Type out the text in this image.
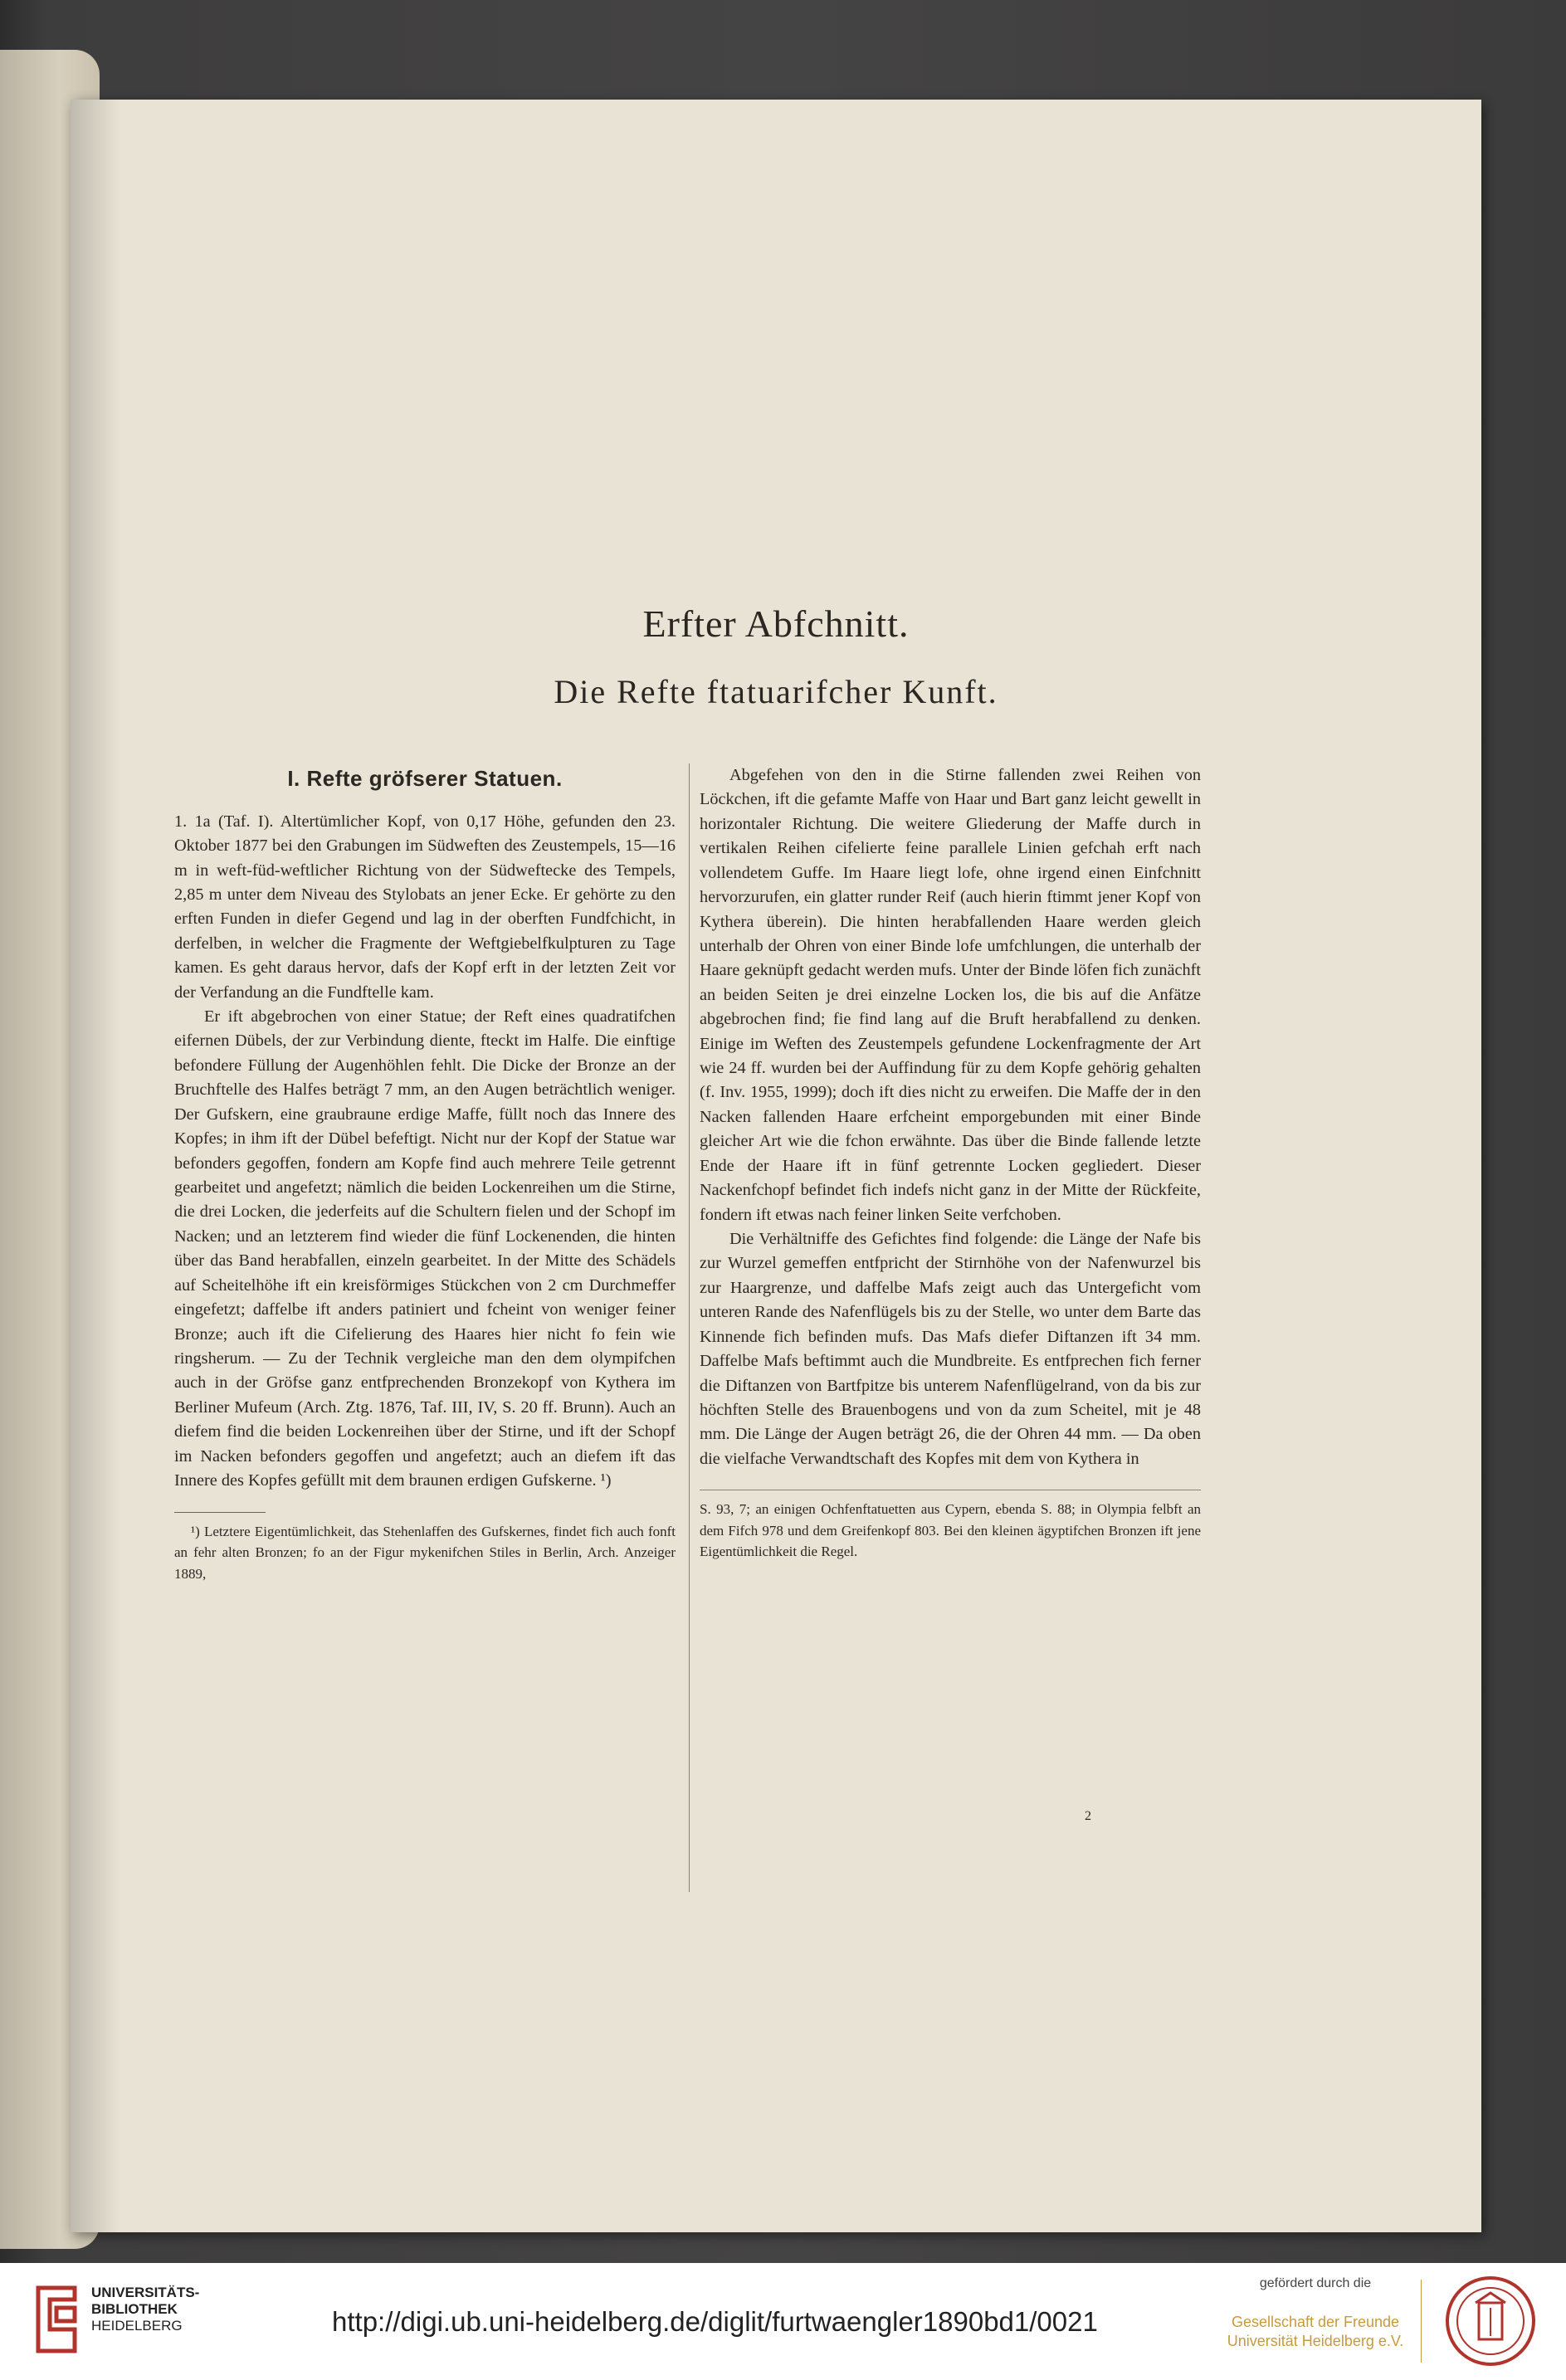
Erfter Abfchnitt.
Die Refte ftatuarifcher Kunft.
I. Refte gröfserer Statuen.

1. 1a (Taf. I). Altertümlicher Kopf, von 0,17 Höhe, gefunden den 23. Oktober 1877 bei den Grabungen im Südweften des Zeustempels, 15—16 m in weft-füd-weftlicher Richtung von der Südweftecke des Tempels, 2,85 m unter dem Niveau des Stylobats an jener Ecke. Er gehörte zu den erften Funden in diefer Gegend und lag in der oberften Fundfchicht, in derfelben, in welcher die Fragmente der Weftgiebelfkulpturen zu Tage kamen. Es geht daraus hervor, dafs der Kopf erft in der letzten Zeit vor der Verfandung an die Fundftelle kam.

Er ift abgebrochen von einer Statue; der Reft eines quadratifchen eifernen Dübels, der zur Verbindung diente, fteckt im Halfe. Die einftige befondere Füllung der Augenhöhlen fehlt. Die Dicke der Bronze an der Bruchftelle des Halfes beträgt 7 mm, an den Augen beträchtlich weniger. Der Gufskern, eine graubraune erdige Maffe, füllt noch das Innere des Kopfes; in ihm ift der Dübel befeftigt. Nicht nur der Kopf der Statue war befonders gegoffen, fondern am Kopfe find auch mehrere Teile getrennt gearbeitet und angefetzt; nämlich die beiden Lockenreihen um die Stirne, die drei Locken, die jederfeits auf die Schultern fielen und der Schopf im Nacken; und an letzterem find wieder die fünf Lockenenden, die hinten über das Band herabfallen, einzeln gearbeitet. In der Mitte des Schädels auf Scheitelhöhe ift ein kreisförmiges Stückchen von 2 cm Durchmeffer eingefetzt; daffelbe ift anders patiniert und fcheint von weniger feiner Bronze; auch ift die Cifelierung des Haares hier nicht fo fein wie ringsherum. — Zu der Technik vergleiche man den dem olympifchen auch in der Gröfse ganz entfprechenden Bronzekopf von Kythera im Berliner Mufeum (Arch. Ztg. 1876, Taf. III, IV, S. 20 ff. Brunn). Auch an diefem find die beiden Lockenreihen über der Stirne, und ift der Schopf im Nacken befonders gegoffen und angefetzt; auch an diefem ift das Innere des Kopfes gefüllt mit dem braunen erdigen Gufskerne. ¹)

¹) Letztere Eigentümlichkeit, das Stehenlaffen des Gufskernes, findet fich auch fonft an fehr alten Bronzen; fo an der Figur mykenifchen Stiles in Berlin, Arch. Anzeiger 1889,

Abgefehen von den in die Stirne fallenden zwei Reihen von Löckchen, ift die gefamte Maffe von Haar und Bart ganz leicht gewellt in horizontaler Richtung. Die weitere Gliederung der Maffe durch in vertikalen Reihen cifelierte feine parallele Linien gefchah erft nach vollendetem Guffe. Im Haare liegt lofe, ohne irgend einen Einfchnitt hervorzurufen, ein glatter runder Reif (auch hierin ftimmt jener Kopf von Kythera überein). Die hinten herabfallenden Haare werden gleich unterhalb der Ohren von einer Binde lofe umfchlungen, die unterhalb der Haare geknüpft gedacht werden mufs. Unter der Binde löfen fich zunächft an beiden Seiten je drei einzelne Locken los, die bis auf die Anfätze abgebrochen find; fie find lang auf die Bruft herabfallend zu denken. Einige im Weften des Zeustempels gefundene Lockenfragmente der Art wie 24 ff. wurden bei der Auffindung für zu dem Kopfe gehörig gehalten (f. Inv. 1955, 1999); doch ift dies nicht zu erweifen. Die Maffe der in den Nacken fallenden Haare erfcheint emporgebunden mit einer Binde gleicher Art wie die fchon erwähnte. Das über die Binde fallende letzte Ende der Haare ift in fünf getrennte Locken gegliedert. Dieser Nackenfchopf befindet fich indefs nicht ganz in der Mitte der Rückfeite, fondern ift etwas nach feiner linken Seite verfchoben.

Die Verhältniffe des Gefichtes find folgende: die Länge der Nafe bis zur Wurzel gemeffen entfpricht der Stirnhöhe von der Nafenwurzel bis zur Haargrenze, und daffelbe Mafs zeigt auch das Untergeficht vom unteren Rande des Nafenflügels bis zu der Stelle, wo unter dem Barte das Kinnende fich befinden mufs. Das Mafs diefer Diftanzen ift 34 mm. Daffelbe Mafs beftimmt auch die Mundbreite. Es entfprechen fich ferner die Diftanzen von Bartfpitze bis unterem Nafenflügelrand, von da bis zur höchften Stelle des Brauenbogens und von da zum Scheitel, mit je 48 mm. Die Länge der Augen beträgt 26, die der Ohren 44 mm. — Da oben die vielfache Verwandtschaft des Kopfes mit dem von Kythera in

S. 93, 7; an einigen Ochfenftatuetten aus Cypern, ebenda S. 88; in Olympia felbft an dem Fifch 978 und dem Greifenkopf 803. Bei den kleinen ägyptifchen Bronzen ift jene Eigentümlichkeit die Regel.
2
UNIVERSITÄTS-
BIBLIOTHEK
HEIDELBERG	http://digi.ub.uni-heidelberg.de/diglit/furtwaengler1890bd1/0021
gefördert durch die
Gesellschaft der Freunde
Universität Heidelberg e.V.
